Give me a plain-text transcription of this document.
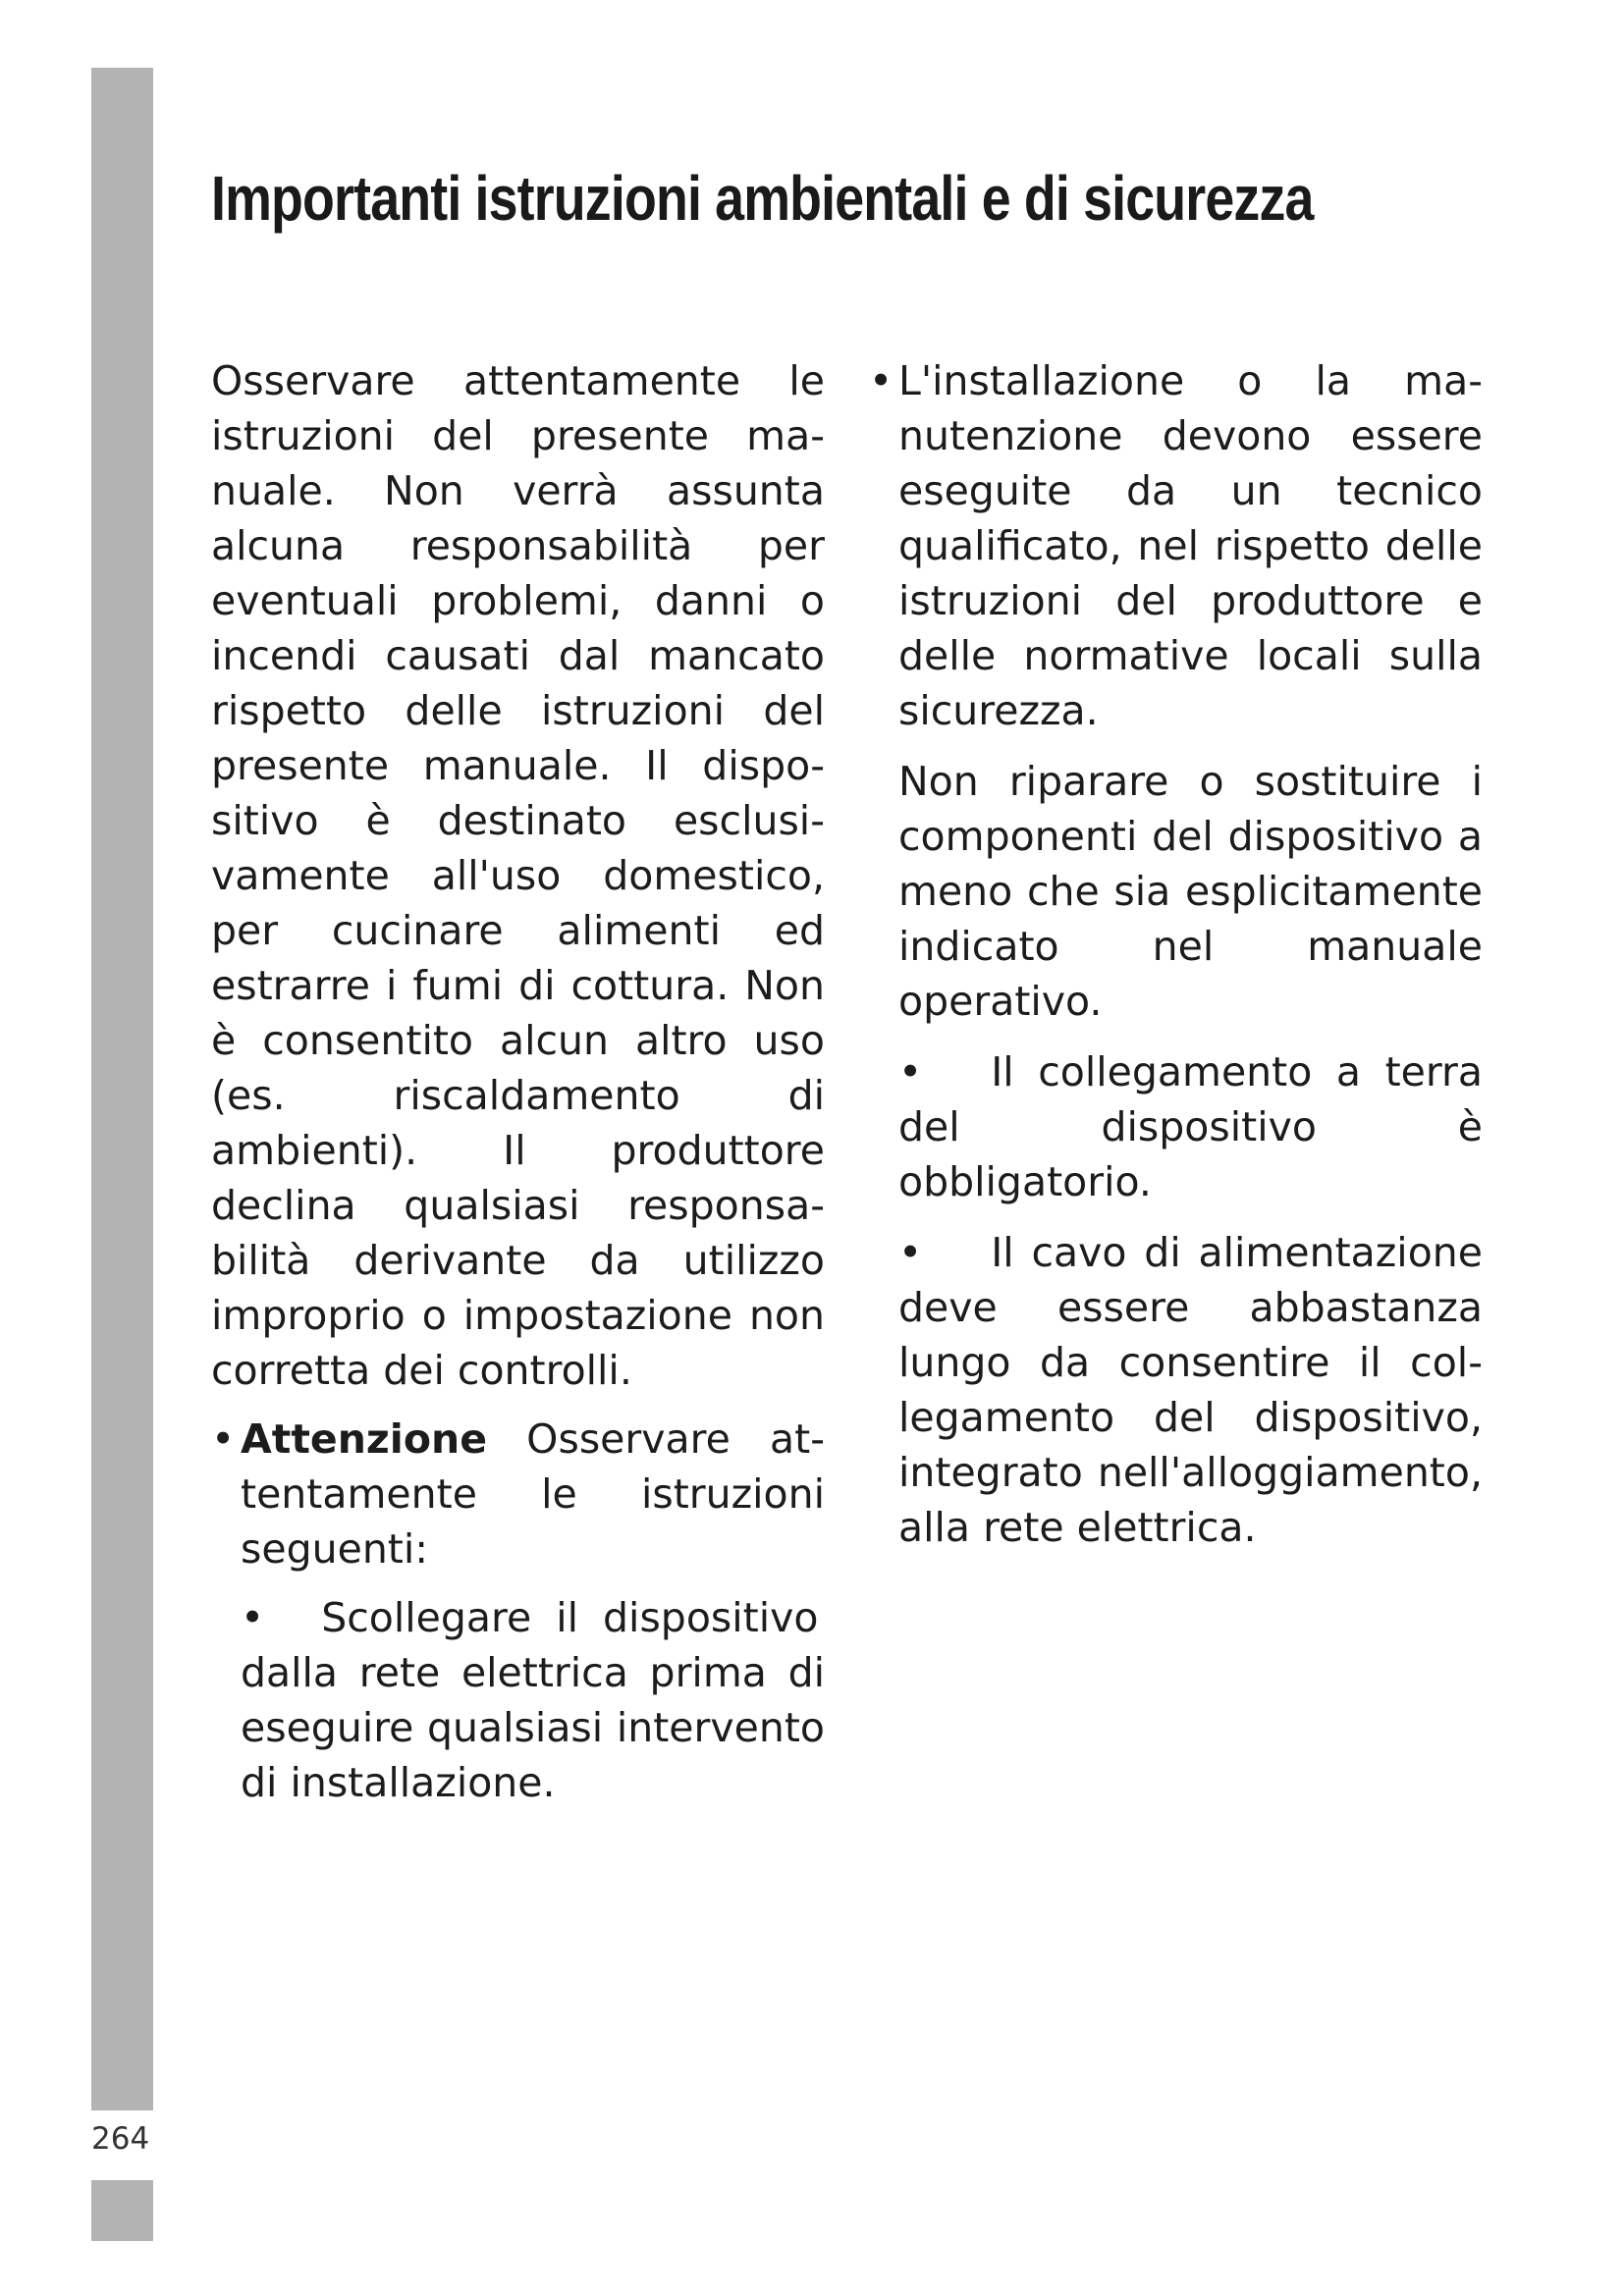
264
Importanti istruzioni ambientali e di sicurezza

Osservare attentamente le istruzioni del presente manuale. Non verrà assunta alcuna responsabilità per eventuali problemi, danni o incendi causati dal mancato rispetto delle istruzioni del presente manuale. Il dispositivo è destinato esclusivamente all'uso domestico, per cucinare alimenti ed estrarre i fumi di cottura. Non è consentito alcun altro uso (es. riscaldamento di ambienti). Il produttore declina qualsiasi responsabilità derivante da utilizzo improprio o impostazione non corretta dei controlli.

• Attenzione Osservare attentamente le istruzioni seguenti:
• Scollegare il dispositivo
dalla rete elettrica prima di eseguire qualsiasi intervento di installazione.
• L'installazione o la manutenzione devono essere eseguite da un tecnico qualificato, nel rispetto delle istruzioni del produttore e delle normative locali sulla sicurezza.

Non riparare o sostituire i componenti del dispositivo a meno che sia esplicitamente indicato nel manuale operativo.

• Il collegamento a terra del dispositivo è obbligatorio.

• Il cavo di alimentazione deve essere abbastanza lungo da consentire il collegamento del dispositivo, integrato nell'alloggiamento, alla rete elettrica.
